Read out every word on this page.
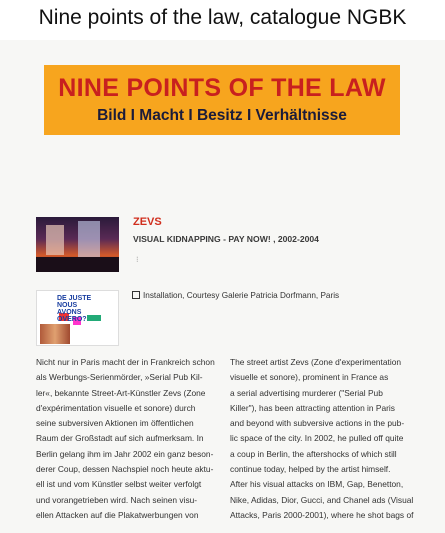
Nine points of the law, catalogue NGBK
NINE POINTS OF THE LAW
Bild I Macht I Besitz I Verhältnisse
DE JUSTE
NOUS
AVONS
OVERO?
ZEVS
VISUAL KIDNAPPING - PAY NOW! , 2002-2004
⁝
Installation, Courtesy Galerie Patricia Dorfmann, Paris
Nicht nur in Paris macht der in Frankreich schon
als Werbungs-Serienmörder, »Serial Pub Kil-
ler«, bekannte Street-Art-Künstler Zevs (Zone
d'expérimentation visuelle et sonore) durch
seine subversiven Aktionen im öffentlichen
Raum der Großstadt auf sich aufmerksam. In
Berlin gelang ihm im Jahr 2002 ein ganz beson-
derer Coup, dessen Nachspiel noch heute aktu-
ell ist und vom Künstler selbst weiter verfolgt
und vorangetrieben wird. Nach seinen visu-
ellen Attacken auf die Plakatwerbungen von
The street artist Zevs (Zone d'experimentation
visuelle et sonore), prominent in France as
a serial advertising murderer ("Serial Pub
Killer"), has been attracting attention in Paris
and beyond with subversive actions in the pub-
lic space of the city. In 2002, he pulled off quite
a coup in Berlin, the aftershocks of which still
continue today, helped by the artist himself.
After his visual attacks on IBM, Gap, Benetton,
Nike, Adidas, Dior, Gucci, and Chanel ads (Visual
Attacks, Paris 2000-2001), where he shot bags of
